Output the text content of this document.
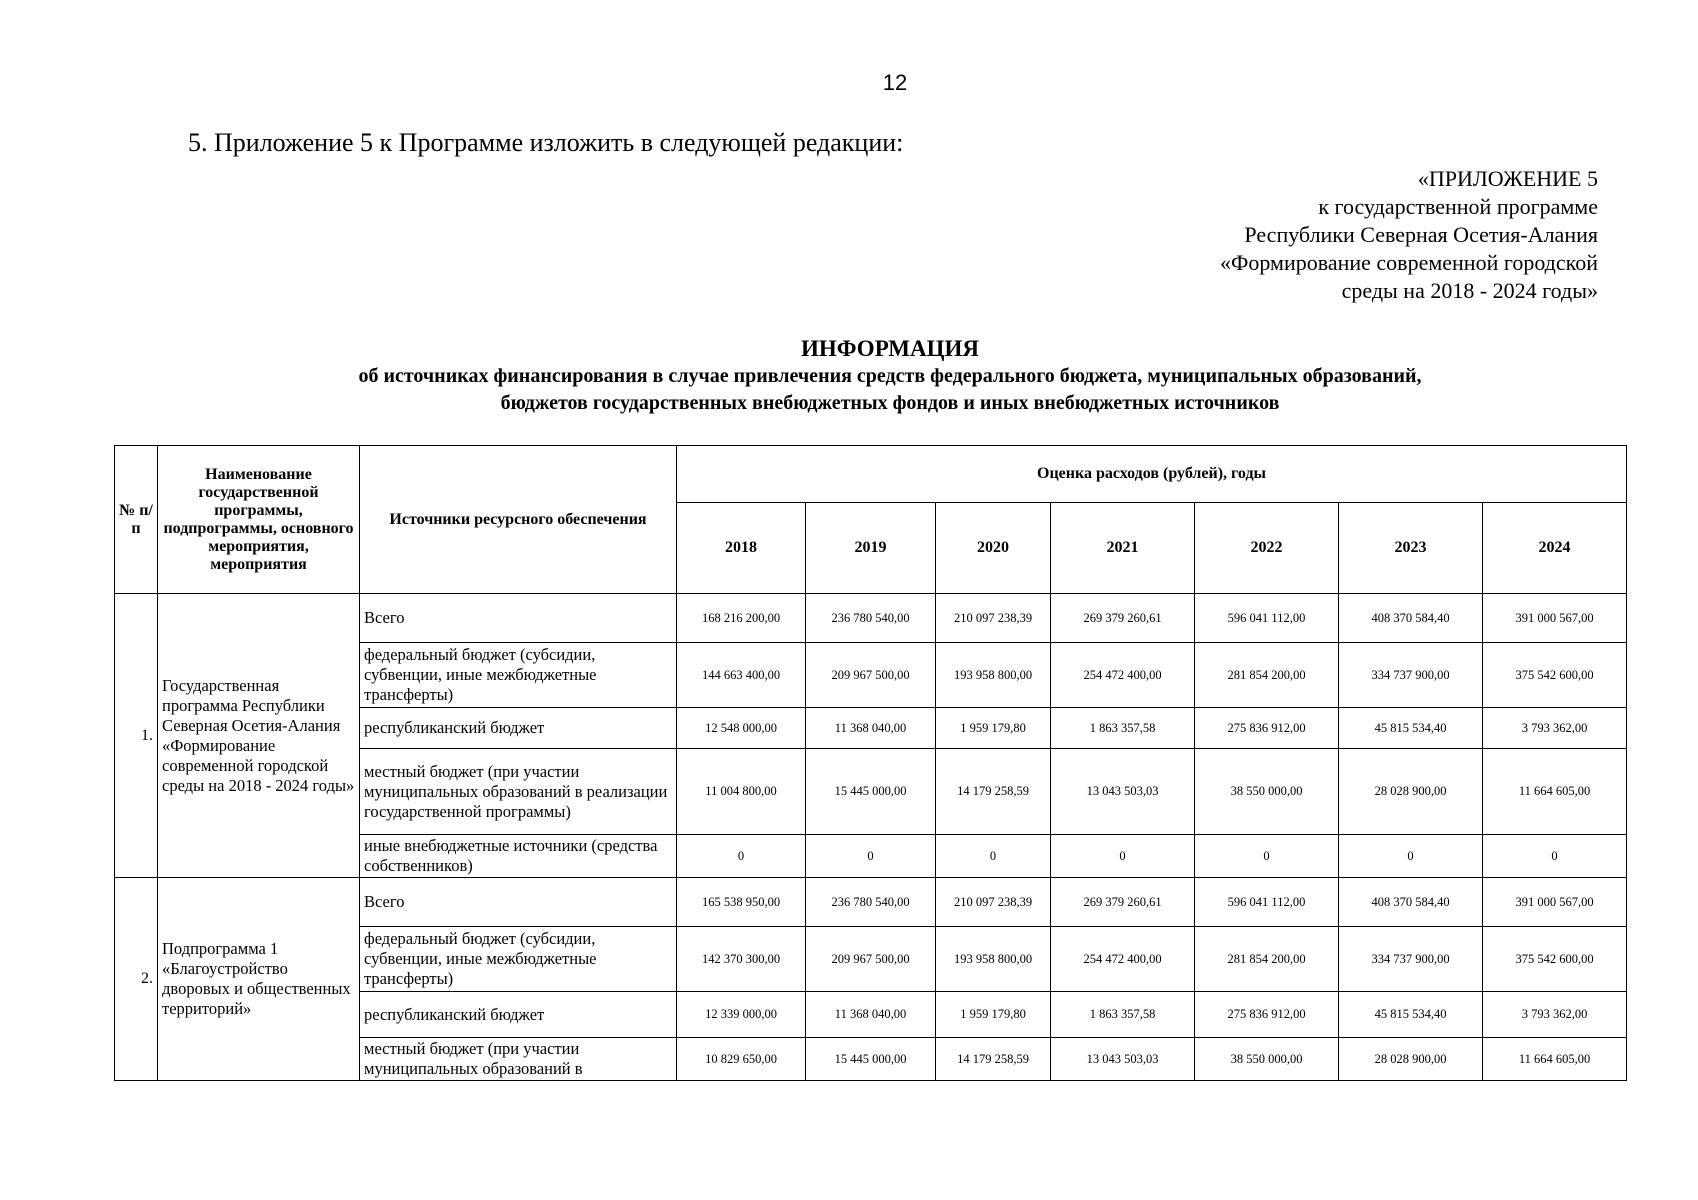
12
5. Приложение 5 к Программе изложить в следующей редакции:
«ПРИЛОЖЕНИЕ 5
к государственной программе
Республики Северная Осетия-Алания
«Формирование современной городской
среды на 2018 - 2024 годы»
ИНФОРМАЦИЯ
об источниках финансирования в случае привлечения средств федерального бюджета, муниципальных образований,
бюджетов государственных внебюджетных фондов и иных внебюджетных источников
№ п/п	Наименование государственной программы, подпрограммы, основного мероприятия, мероприятия	Источники ресурсного обеспечения	Оценка расходов (рублей), годы						
			2018	2019	2020	2021	2022	2023	2024
1.	Государственная программа Республики Северная Осетия-Алания «Формирование современной городской среды на 2018 - 2024 годы»	Всего	168 216 200,00	236 780 540,00	210 097 238,39	269 379 260,61	596 041 112,00	408 370 584,40	391 000 567,00
		федеральный бюджет (субсидии, субвенции, иные межбюджетные трансферты)	144 663 400,00	209 967 500,00	193 958 800,00	254 472 400,00	281 854 200,00	334 737 900,00	375 542 600,00
		республиканский бюджет	12 548 000,00	11 368 040,00	1 959 179,80	1 863 357,58	275 836 912,00	45 815 534,40	3 793 362,00
		местный бюджет (при участии муниципальных образований в реализации государственной программы)	11 004 800,00	15 445 000,00	14 179 258,59	13 043 503,03	38 550 000,00	28 028 900,00	11 664 605,00
		иные внебюджетные источники (средства собственников)	0	0	0	0	0	0	0
2.	Подпрограмма 1 «Благоустройство дворовых и общественных территорий»	Всего	165 538 950,00	236 780 540,00	210 097 238,39	269 379 260,61	596 041 112,00	408 370 584,40	391 000 567,00
		федеральный бюджет (субсидии, субвенции, иные межбюджетные трансферты)	142 370 300,00	209 967 500,00	193 958 800,00	254 472 400,00	281 854 200,00	334 737 900,00	375 542 600,00
		республиканский бюджет	12 339 000,00	11 368 040,00	1 959 179,80	1 863 357,58	275 836 912,00	45 815 534,40	3 793 362,00
		местный бюджет (при участии муниципальных образований в	10 829 650,00	15 445 000,00	14 179 258,59	13 043 503,03	38 550 000,00	28 028 900,00	11 664 605,00
